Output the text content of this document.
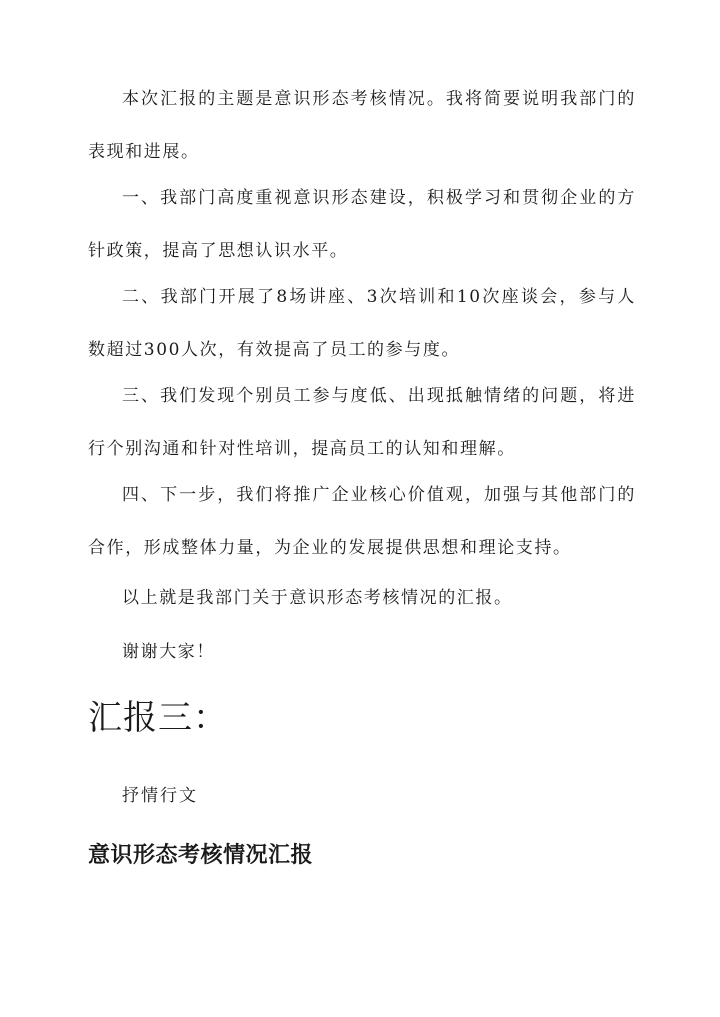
本次汇报的主题是意识形态考核情况。我将简要说明我部门的表现和进展。

一、我部门高度重视意识形态建设，积极学习和贯彻企业的方针政策，提高了思想认识水平。

二、我部门开展了8场讲座、3次培训和10次座谈会，参与人数超过300人次，有效提高了员工的参与度。

三、我们发现个别员工参与度低、出现抵触情绪的问题，将进行个别沟通和针对性培训，提高员工的认知和理解。

四、下一步，我们将推广企业核心价值观，加强与其他部门的合作，形成整体力量，为企业的发展提供思想和理论支持。

以上就是我部门关于意识形态考核情况的汇报。

谢谢大家！

汇报三：

抒情行文

意识形态考核情况汇报
